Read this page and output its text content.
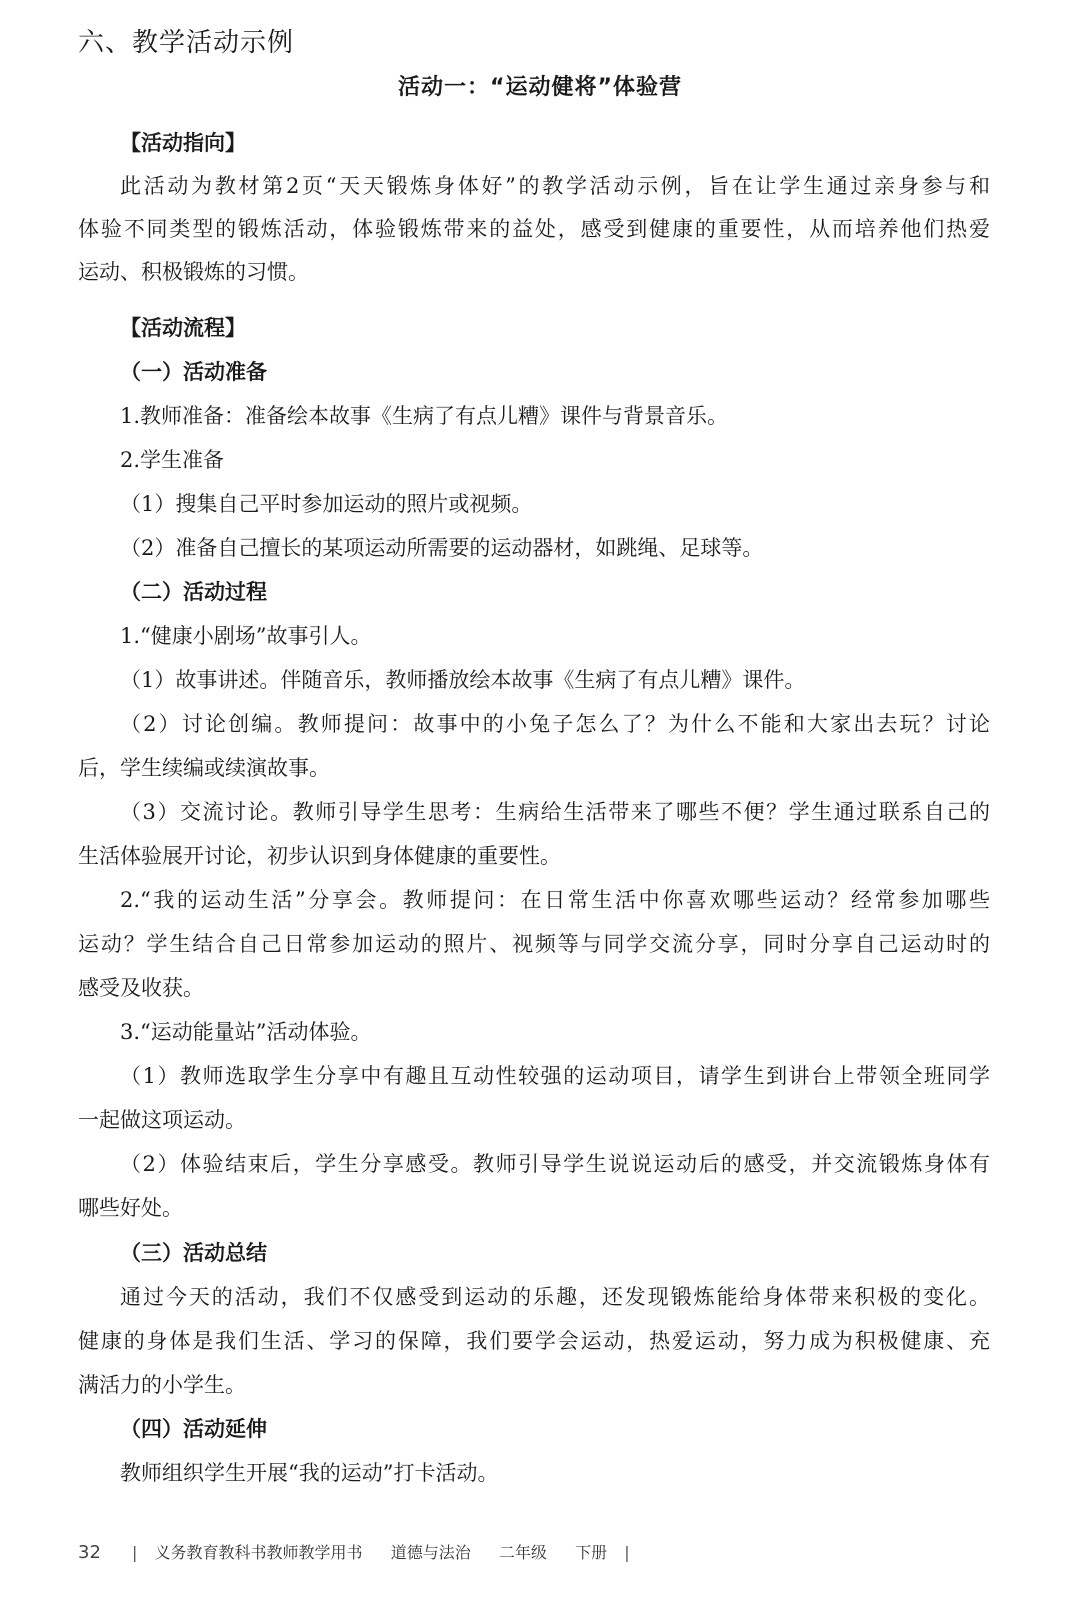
六、教学活动示例
活动一：“运动健将”体验营
【活动指向】
此活动为教材第2页“天天锻炼身体好”的教学活动示例，旨在让学生通过亲身参与和
体验不同类型的锻炼活动，体验锻炼带来的益处，感受到健康的重要性，从而培养他们热爱
运动、积极锻炼的习惯。
【活动流程】
（一）活动准备
1.教师准备：准备绘本故事《生病了有点儿糟》课件与背景音乐。
2.学生准备
（1）搜集自己平时参加运动的照片或视频。
（2）准备自己擅长的某项运动所需要的运动器材，如跳绳、足球等。
（二）活动过程
1.“健康小剧场”故事引人。
（1）故事讲述。伴随音乐，教师播放绘本故事《生病了有点儿糟》课件。
（2）讨论创编。教师提问：故事中的小兔子怎么了？为什么不能和大家出去玩？讨论
后，学生续编或续演故事。
（3）交流讨论。教师引导学生思考：生病给生活带来了哪些不便？学生通过联系自己的
生活体验展开讨论，初步认识到身体健康的重要性。
2.“我的运动生活”分享会。教师提问：在日常生活中你喜欢哪些运动？经常参加哪些
运动？学生结合自己日常参加运动的照片、视频等与同学交流分享，同时分享自己运动时的
感受及收获。
3.“运动能量站”活动体验。
（1）教师选取学生分享中有趣且互动性较强的运动项目，请学生到讲台上带领全班同学
一起做这项运动。
（2）体验结束后，学生分享感受。教师引导学生说说运动后的感受，并交流锻炼身体有
哪些好处。
（三）活动总结
通过今天的活动，我们不仅感受到运动的乐趣，还发现锻炼能给身体带来积极的变化。
健康的身体是我们生活、学习的保障，我们要学会运动，热爱运动，努力成为积极健康、充
满活力的小学生。
（四）活动延伸
教师组织学生开展“我的运动”打卡活动。
32 | 义务教育教科书教师教学用书 道德与法治 二年级 下册 |
